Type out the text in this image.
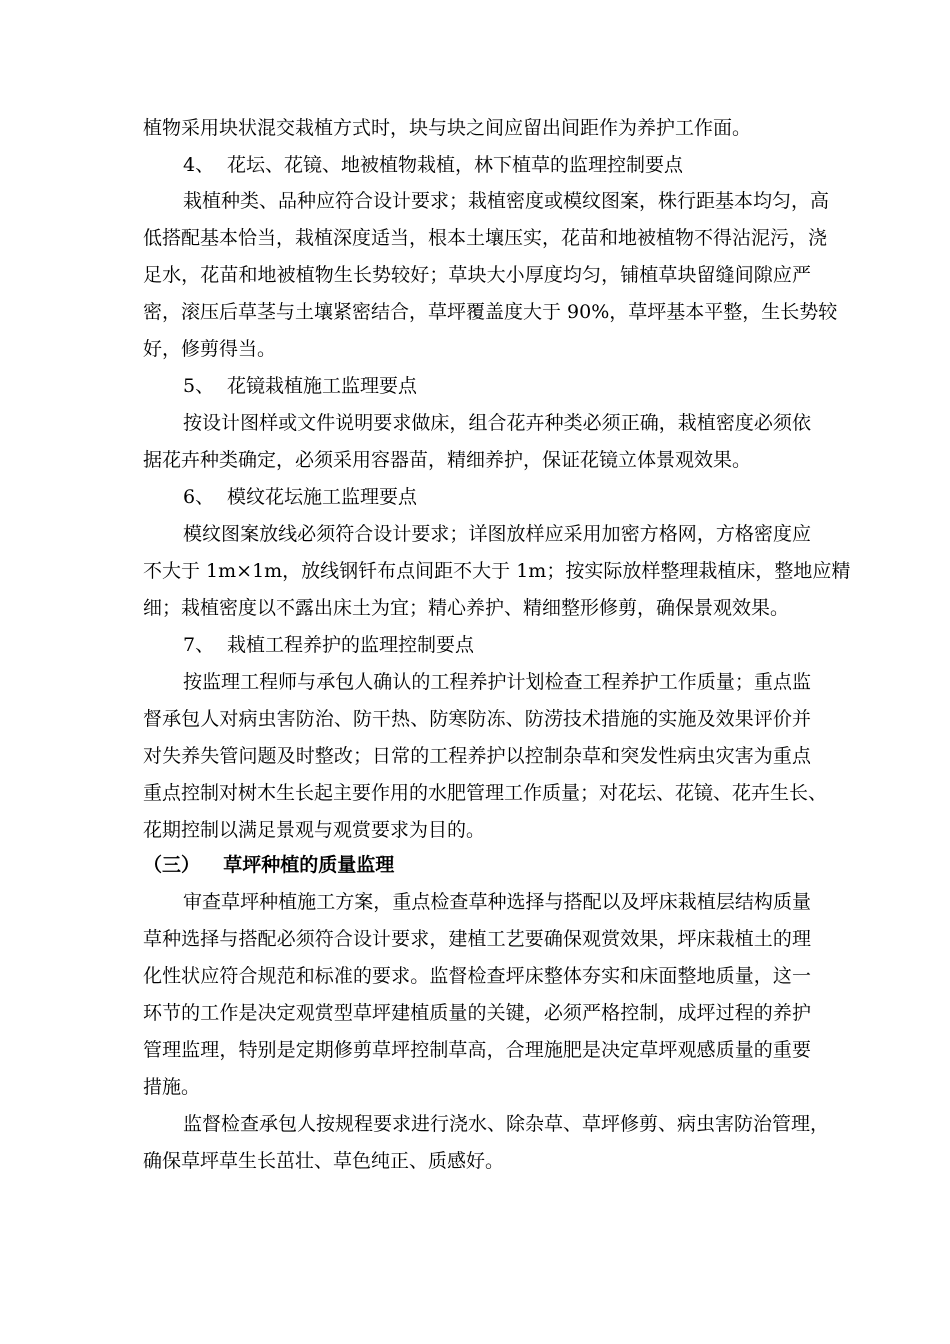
植物采用块状混交栽植方式时，块与块之间应留出间距作为养护工作面。
4、 花坛、花镜、地被植物栽植，林下植草的监理控制要点
栽植种类、品种应符合设计要求；栽植密度或模纹图案，株行距基本均匀，高
低搭配基本恰当，栽植深度适当，根本土壤压实，花苗和地被植物不得沾泥污，浇
足水，花苗和地被植物生长势较好；草块大小厚度均匀，铺植草块留缝间隙应严
密，滚压后草茎与土壤紧密结合，草坪覆盖度大于 90%，草坪基本平整，生长势较
好，修剪得当。
5、 花镜栽植施工监理要点
按设计图样或文件说明要求做床，组合花卉种类必须正确，栽植密度必须依
据花卉种类确定，必须采用容器苗，精细养护，保证花镜立体景观效果。
6、 模纹花坛施工监理要点
模纹图案放线必须符合设计要求；详图放样应采用加密方格网，方格密度应
不大于 1m×1m，放线钢钎布点间距不大于 1m；按实际放样整理栽植床，整地应精
细；栽植密度以不露出床土为宜；精心养护、精细整形修剪，确保景观效果。
7、 栽植工程养护的监理控制要点
按监理工程师与承包人确认的工程养护计划检查工程养护工作质量；重点监
督承包人对病虫害防治、防干热、防寒防冻、防涝技术措施的实施及效果评价并
对失养失管问题及时整改；日常的工程养护以控制杂草和突发性病虫灾害为重点
重点控制对树木生长起主要作用的水肥管理工作质量；对花坛、花镜、花卉生长、
花期控制以满足景观与观赏要求为目的。
（三） 草坪种植的质量监理
审查草坪种植施工方案，重点检查草种选择与搭配以及坪床栽植层结构质量
草种选择与搭配必须符合设计要求，建植工艺要确保观赏效果，坪床栽植土的理
化性状应符合规范和标准的要求。监督检查坪床整体夯实和床面整地质量，这一
环节的工作是决定观赏型草坪建植质量的关键，必须严格控制，成坪过程的养护
管理监理，特别是定期修剪草坪控制草高，合理施肥是决定草坪观感质量的重要
措施。
监督检查承包人按规程要求进行浇水、除杂草、草坪修剪、病虫害防治管理，
确保草坪草生长茁壮、草色纯正、质感好。
